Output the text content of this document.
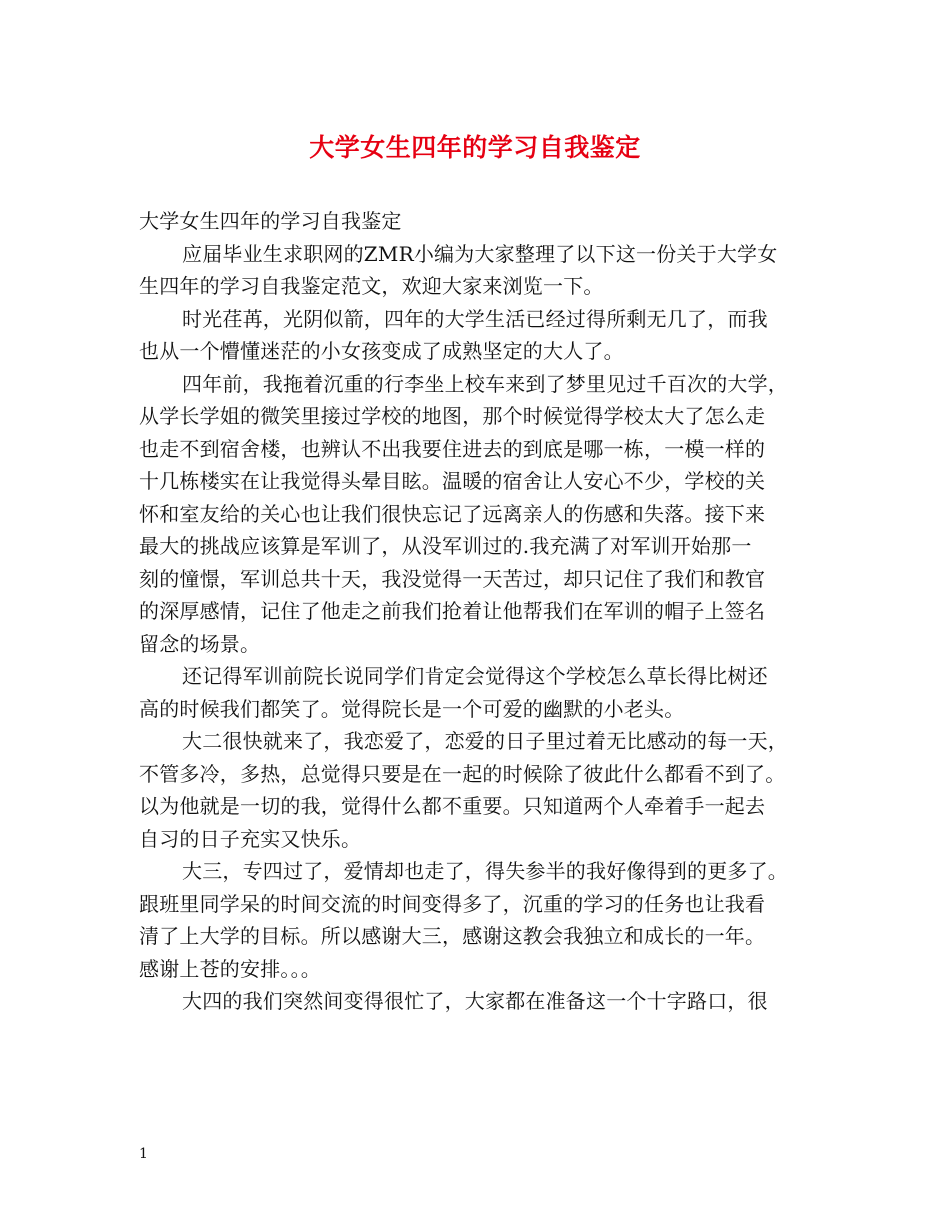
大学女生四年的学习自我鉴定
大学女生四年的学习自我鉴定
应届毕业生求职网的ZMR小编为大家整理了以下这一份关于大学女
生四年的学习自我鉴定范文，欢迎大家来浏览一下。
时光荏苒，光阴似箭，四年的大学生活已经过得所剩无几了，而我
也从一个懵懂迷茫的小女孩变成了成熟坚定的大人了。
四年前，我拖着沉重的行李坐上校车来到了梦里见过千百次的大学，
从学长学姐的微笑里接过学校的地图，那个时候觉得学校太大了怎么走
也走不到宿舍楼，也辨认不出我要住进去的到底是哪一栋，一模一样的
十几栋楼实在让我觉得头晕目眩。温暖的宿舍让人安心不少，学校的关
怀和室友给的关心也让我们很快忘记了远离亲人的伤感和失落。接下来
最大的挑战应该算是军训了，从没军训过的.我充满了对军训开始那一
刻的憧憬，军训总共十天，我没觉得一天苦过，却只记住了我们和教官
的深厚感情，记住了他走之前我们抢着让他帮我们在军训的帽子上签名
留念的场景。
还记得军训前院长说同学们肯定会觉得这个学校怎么草长得比树还
高的时候我们都笑了。觉得院长是一个可爱的幽默的小老头。
大二很快就来了，我恋爱了，恋爱的日子里过着无比感动的每一天，
不管多冷，多热，总觉得只要是在一起的时候除了彼此什么都看不到了。
以为他就是一切的我，觉得什么都不重要。只知道两个人牵着手一起去
自习的日子充实又快乐。
大三，专四过了，爱情却也走了，得失参半的我好像得到的更多了。
跟班里同学呆的时间交流的时间变得多了，沉重的学习的任务也让我看
清了上大学的目标。所以感谢大三，感谢这教会我独立和成长的一年。
感谢上苍的安排。。。
大四的我们突然间变得很忙了，大家都在准备这一个十字路口，很
1
